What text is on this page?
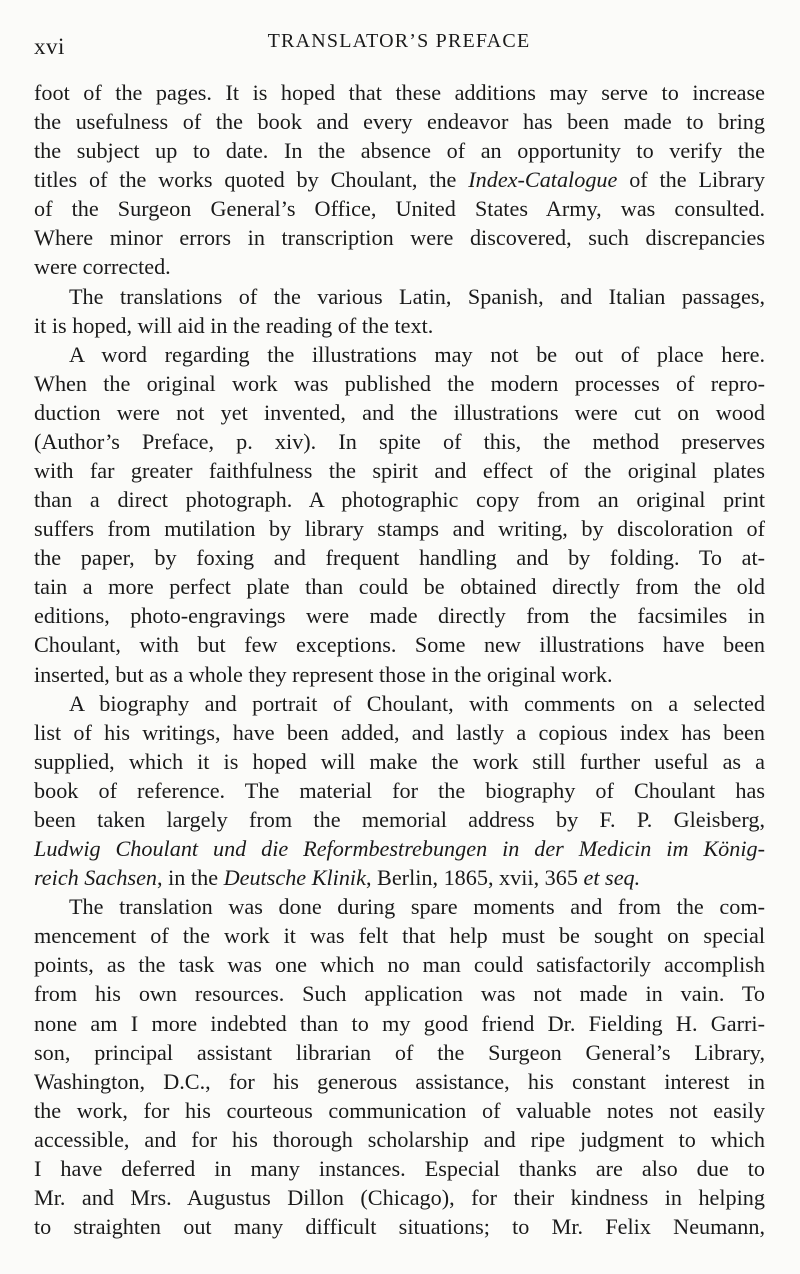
xvi	TRANSLATOR’S PREFACE
foot of the pages. It is hoped that these additions may serve to increase
the usefulness of the book and every endeavor has been made to bring
the subject up to date. In the absence of an opportunity to verify the
titles of the works quoted by Choulant, the Index-Catalogue of the Library
of the Surgeon General’s Office, United States Army, was consulted.
Where minor errors in transcription were discovered, such discrepancies
were corrected.
The translations of the various Latin, Spanish, and Italian passages,
it is hoped, will aid in the reading of the text.
A word regarding the illustrations may not be out of place here.
When the original work was published the modern processes of repro-
duction were not yet invented, and the illustrations were cut on wood
(Author’s Preface, p. xiv). In spite of this, the method preserves
with far greater faithfulness the spirit and effect of the original plates
than a direct photograph. A photographic copy from an original print
suffers from mutilation by library stamps and writing, by discoloration of
the paper, by foxing and frequent handling and by folding. To at-
tain a more perfect plate than could be obtained directly from the old
editions, photo-engravings were made directly from the facsimiles in
Choulant, with but few exceptions. Some new illustrations have been
inserted, but as a whole they represent those in the original work.
A biography and portrait of Choulant, with comments on a selected
list of his writings, have been added, and lastly a copious index has been
supplied, which it is hoped will make the work still further useful as a
book of reference. The material for the biography of Choulant has
been taken largely from the memorial address by F. P. Gleisberg,
Ludwig Choulant und die Reformbestrebungen in der Medicin im König-
reich Sachsen, in the Deutsche Klinik, Berlin, 1865, xvii, 365 et seq.
The translation was done during spare moments and from the com-
mencement of the work it was felt that help must be sought on special
points, as the task was one which no man could satisfactorily accomplish
from his own resources. Such application was not made in vain. To
none am I more indebted than to my good friend Dr. Fielding H. Garri-
son, principal assistant librarian of the Surgeon General’s Library,
Washington, D.C., for his generous assistance, his constant interest in
the work, for his courteous communication of valuable notes not easily
accessible, and for his thorough scholarship and ripe judgment to which
I have deferred in many instances. Especial thanks are also due to
Mr. and Mrs. Augustus Dillon (Chicago), for their kindness in helping
to straighten out many difficult situations; to Mr. Felix Neumann,
